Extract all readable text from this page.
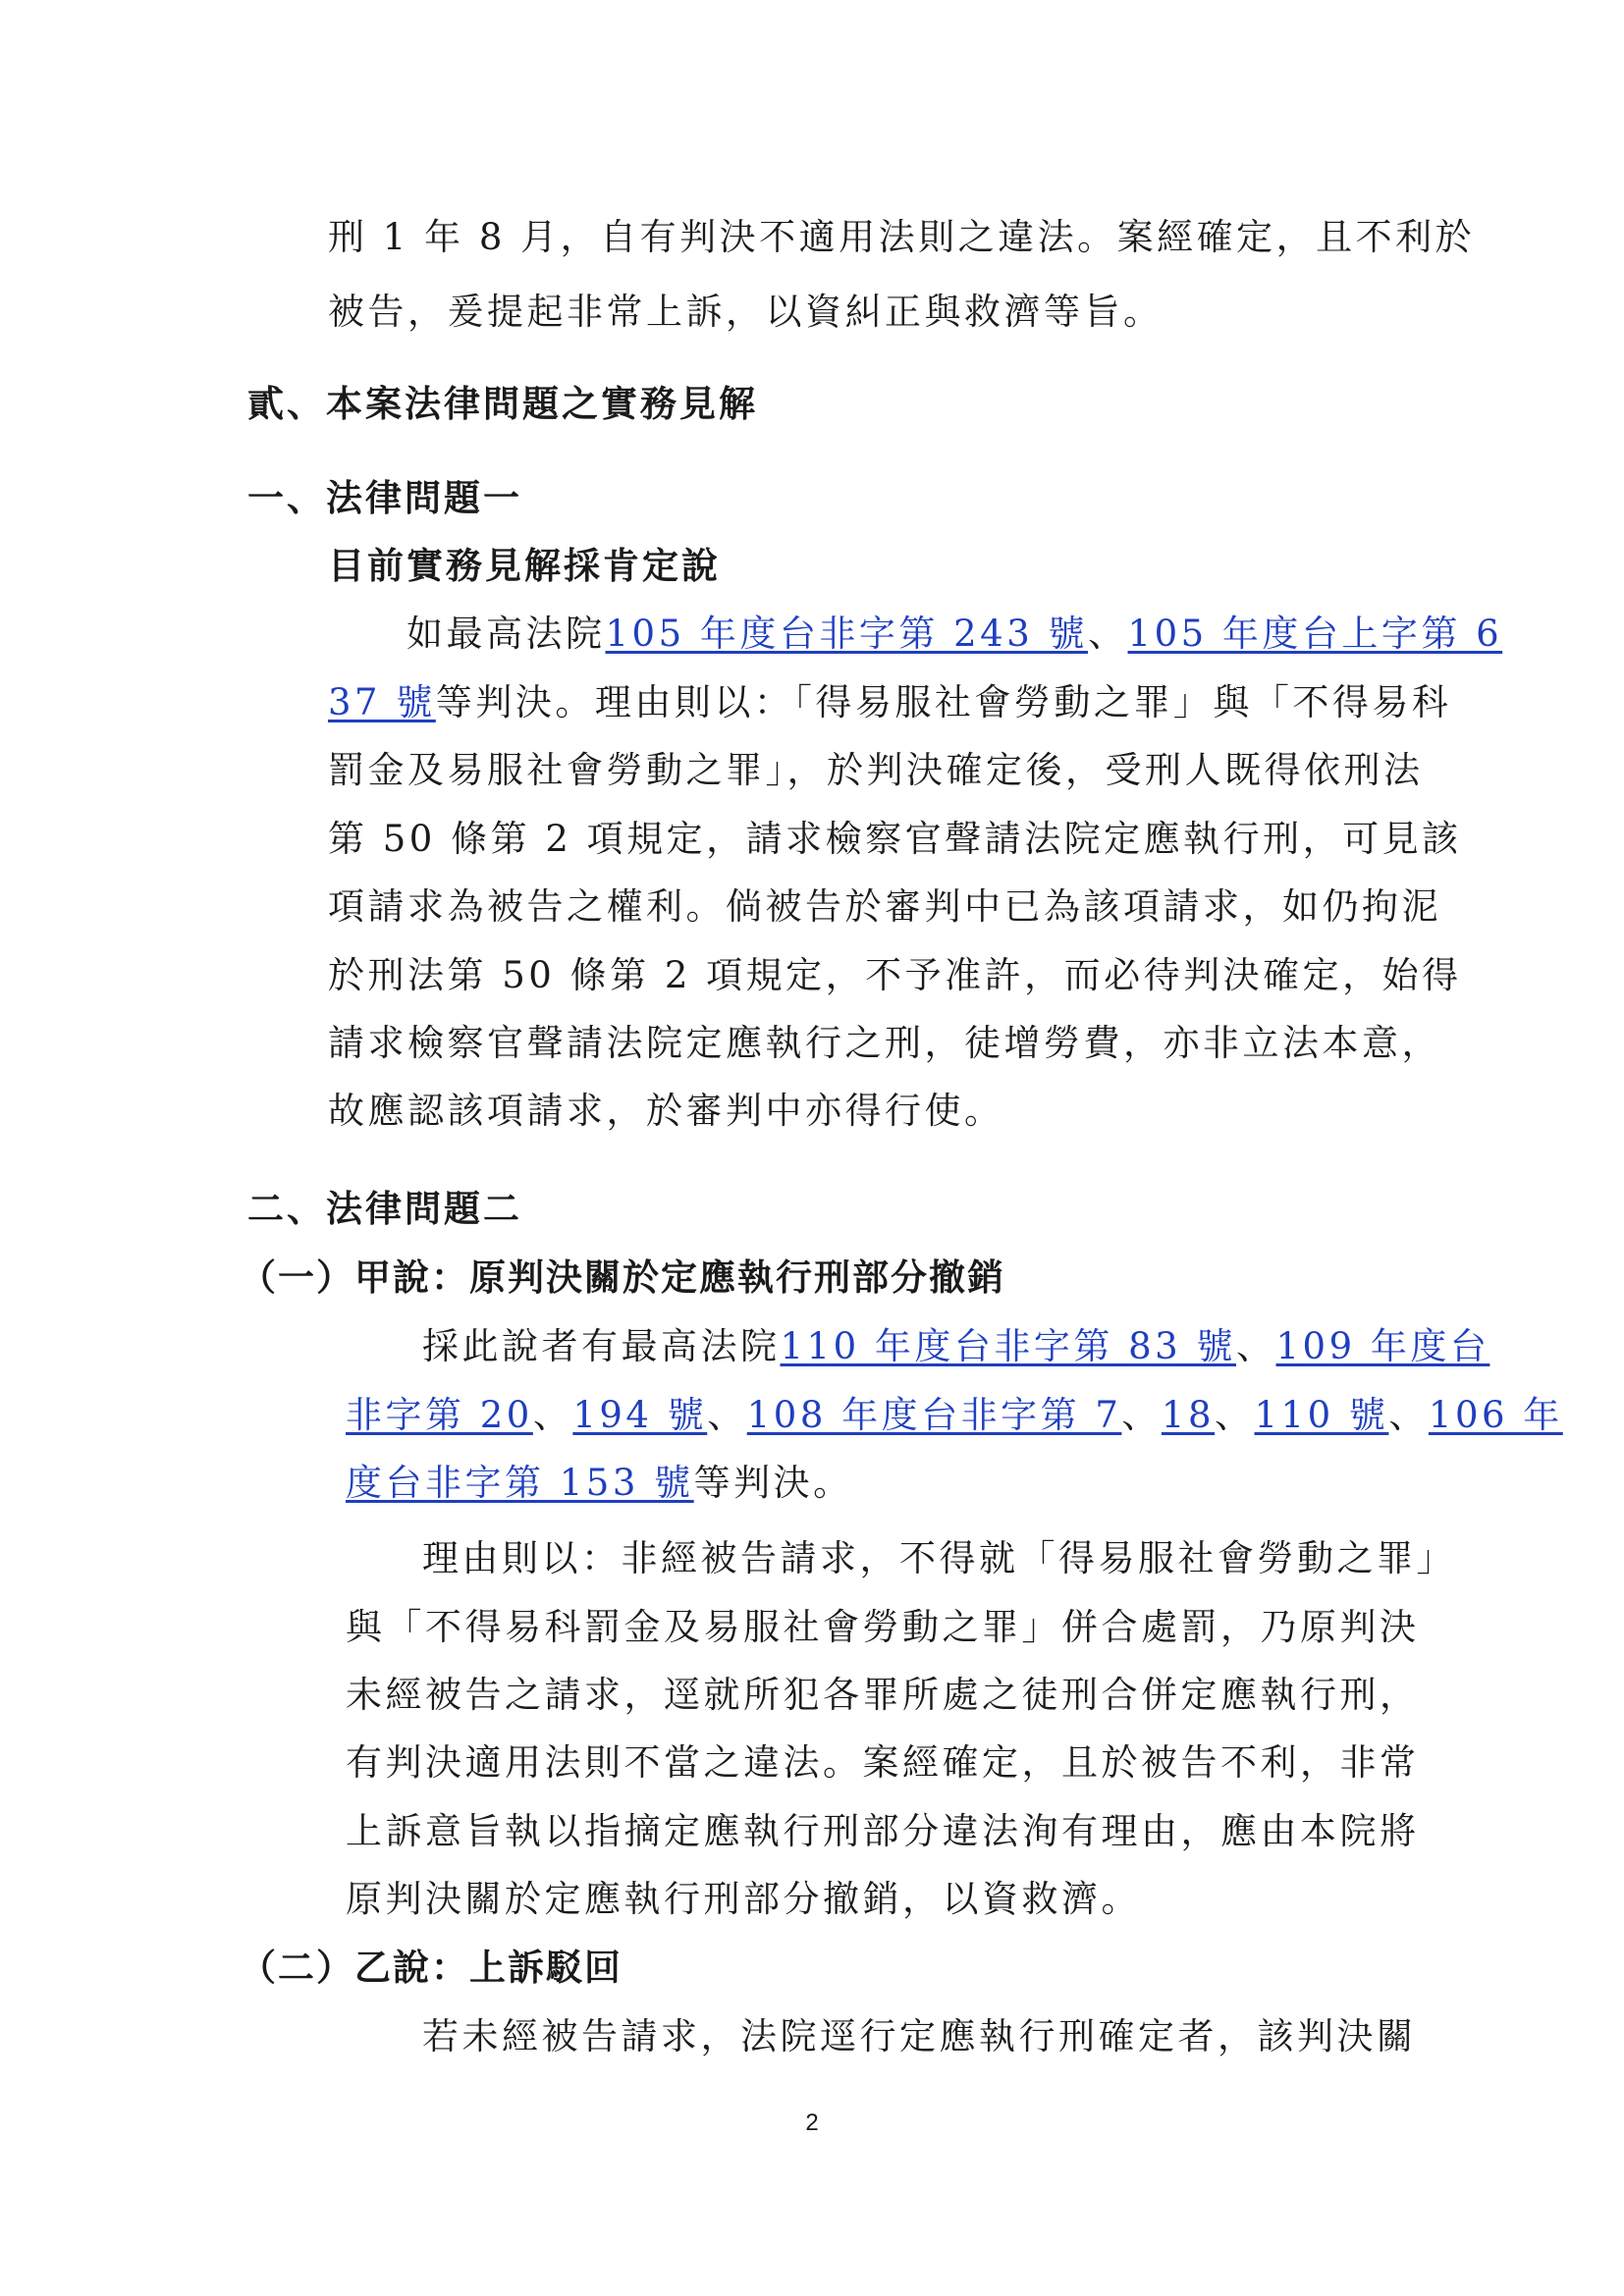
刑 1 年 8 月，自有判決不適用法則之違法。案經確定，且不利於
被告，爰提起非常上訴，以資糾正與救濟等旨。
貳、本案法律問題之實務見解
一、法律問題一
目前實務見解採肯定說
如最高法院105 年度台非字第 243 號、105 年度台上字第 6
37 號等判決。理由則以：「得易服社會勞動之罪」與「不得易科
罰金及易服社會勞動之罪」，於判決確定後，受刑人既得依刑法
第 50 條第 2 項規定，請求檢察官聲請法院定應執行刑，可見該
項請求為被告之權利。倘被告於審判中已為該項請求，如仍拘泥
於刑法第 50 條第 2 項規定，不予准許，而必待判決確定，始得
請求檢察官聲請法院定應執行之刑，徒增勞費，亦非立法本意，
故應認該項請求，於審判中亦得行使。
二、法律問題二
（一）甲說：原判決關於定應執行刑部分撤銷
採此說者有最高法院110 年度台非字第 83 號、109 年度台
非字第 20、194 號、108 年度台非字第 7、18、110 號、106 年
度台非字第 153 號等判決。
理由則以：非經被告請求，不得就「得易服社會勞動之罪」
與「不得易科罰金及易服社會勞動之罪」併合處罰，乃原判決
未經被告之請求，逕就所犯各罪所處之徒刑合併定應執行刑，
有判決適用法則不當之違法。案經確定，且於被告不利，非常
上訴意旨執以指摘定應執行刑部分違法洵有理由，應由本院將
原判決關於定應執行刑部分撤銷，以資救濟。
（二）乙說：上訴駁回
若未經被告請求，法院逕行定應執行刑確定者，該判決關
2
